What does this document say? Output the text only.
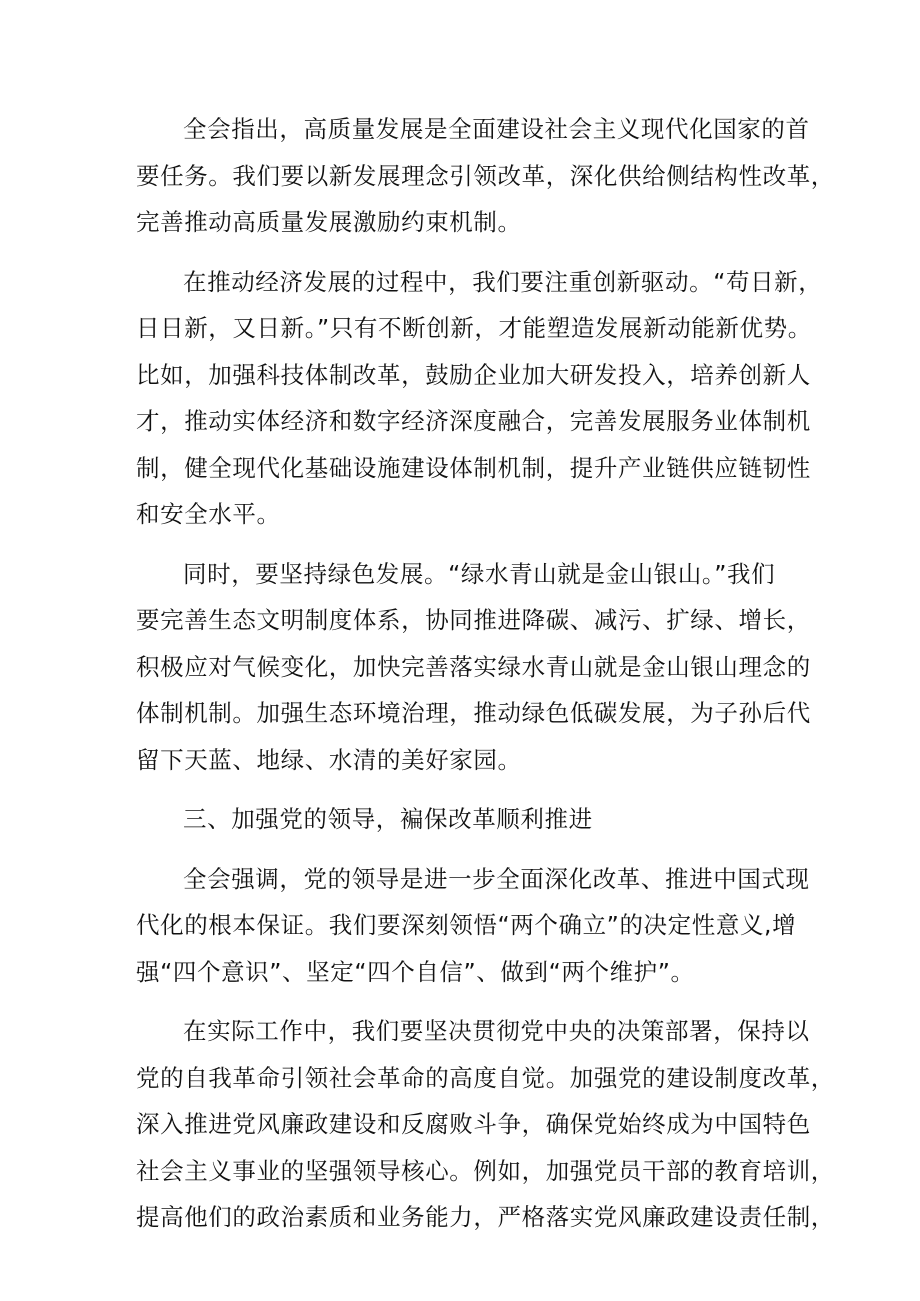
全会指出，高质量发展是全面建设社会主义现代化国家的首
要任务。我们要以新发展理念引领改革，深化供给侧结构性改革，
完善推动高质量发展激励约束机制。
在推动经济发展的过程中，我们要注重创新驱动。“苟日新，
日日新，又日新。”只有不断创新，才能塑造发展新动能新优势。
比如，加强科技体制改革，鼓励企业加大研发投入，培养创新人
才，推动实体经济和数字经济深度融合，完善发展服务业体制机
制，健全现代化基础设施建设体制机制，提升产业链供应链韧性
和安全水平。
同时，要坚持绿色发展。“绿水青山就是金山银山。”我们
要完善生态文明制度体系，协同推进降碳、减污、扩绿、增长，
积极应对气候变化，加快完善落实绿水青山就是金山银山理念的
体制机制。加强生态环境治理，推动绿色低碳发展，为子孙后代
留下天蓝、地绿、水清的美好家园。
三、加强党的领导，褊保改革顺利推进
全会强调，党的领导是进一步全面深化改革、推进中国式现
代化的根本保证。我们要深刻领悟“两个确立”的决定性意义,增
强“四个意识”、坚定“四个自信”、做到“两个维护”。
在实际工作中，我们要坚决贯彻党中央的决策部署，保持以
党的自我革命引领社会革命的高度自觉。加强党的建设制度改革，
深入推进党风廉政建设和反腐败斗争，确保党始终成为中国特色
社会主义事业的坚强领导核心。例如，加强党员干部的教育培训，
提高他们的政治素质和业务能力，严格落实党风廉政建设责任制，
